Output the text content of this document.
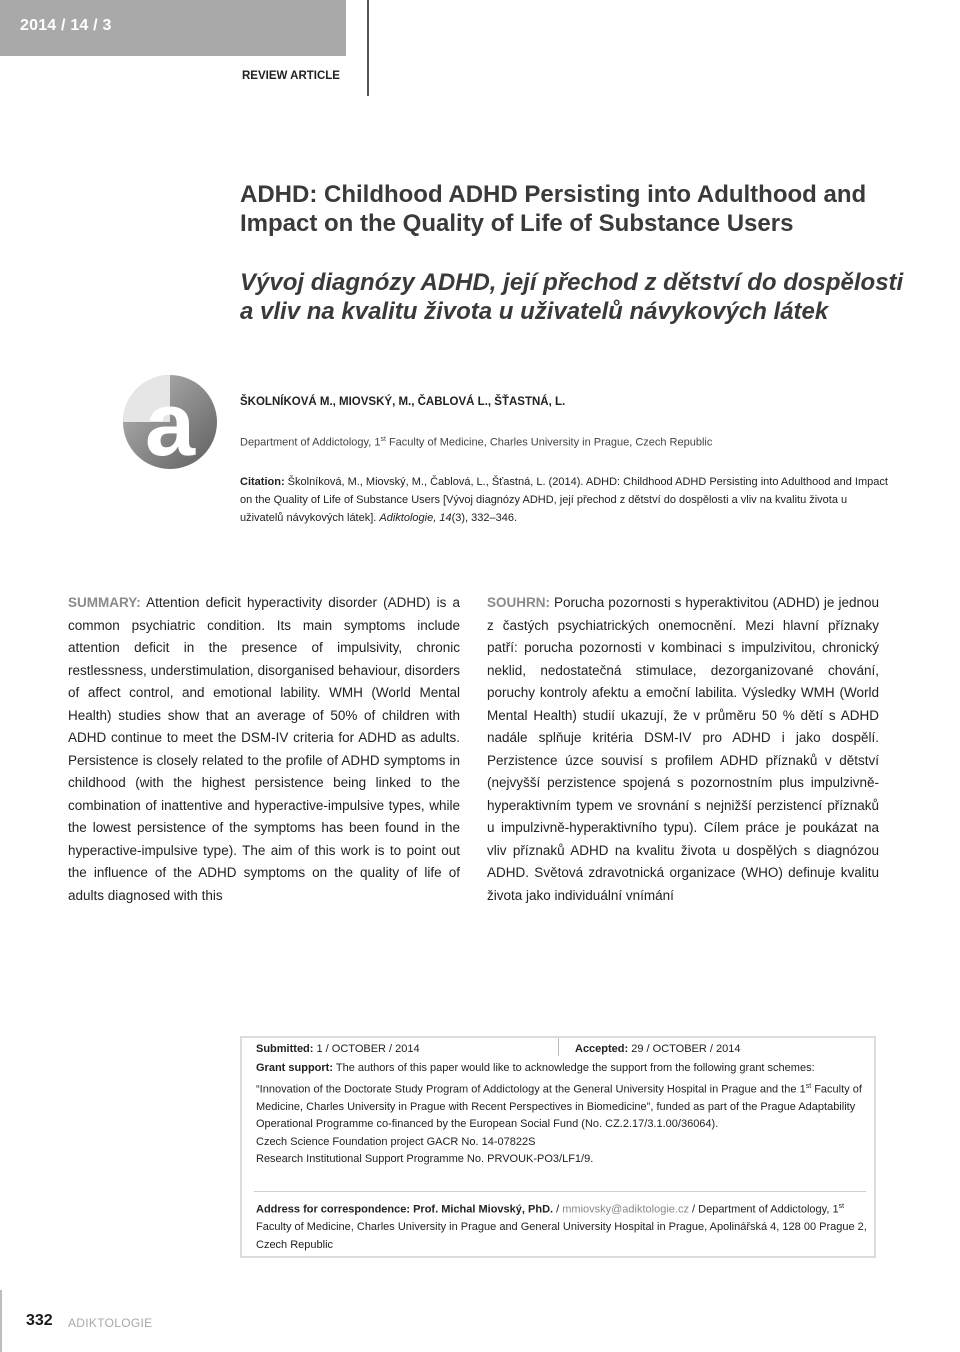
2014 / 14 / 3
REVIEW ARTICLE
ADHD: Childhood ADHD Persisting into Adulthood and Impact on the Quality of Life of Substance Users
Vývoj diagnózy ADHD, její přechod z dětství do dospělosti a vliv na kvalitu života u uživatelů návykových látek
a	ŠKOLNÍKOVÁ M., MIOVSKÝ, M., ČABLOVÁ L., ŠŤASTNÁ, L.
Department of Addictology, 1st Faculty of Medicine, Charles University in Prague, Czech Republic

Citation: Školníková, M., Miovský, M., Čablová, L., Šťastná, L. (2014). ADHD: Childhood ADHD Persisting into Adulthood and Impact on the Quality of Life of Substance Users [Vývoj diagnózy ADHD, její přechod z dětství do dospělosti a vliv na kvalitu života u uživatelů návykových látek]. Adiktologie, 14(3), 332–346.

SUMMARY: Attention deficit hyperactivity disorder (ADHD) is a common psychiatric condition. Its main symptoms include attention deficit in the presence of impulsivity, chronic restlessness, understimulation, disorganised behaviour, disorders of affect control, and emotional lability. WMH (World Mental Health) studies show that an average of 50% of children with ADHD continue to meet the DSM-IV criteria for ADHD as adults. Persistence is closely related to the profile of ADHD symptoms in childhood (with the highest persistence being linked to the combination of inattentive and hyperactive-impulsive types, while the lowest persistence of the symptoms has been found in the hyperactive-impulsive type). The aim of this work is to point out the influence of the ADHD symptoms on the quality of life of adults diagnosed with this

SOUHRN: Porucha pozornosti s hyperaktivitou (ADHD) je jednou z častých psychiatrických onemocnění. Mezi hlavní příznaky patří: porucha pozornosti v kombinaci s impulzivitou, chronický neklid, nedostatečná stimulace, dezorganizované chování, poruchy kontroly afektu a emoční labilita. Výsledky WMH (World Mental Health) studií ukazují, že v průměru 50 % dětí s ADHD nadále splňuje kritéria DSM-IV pro ADHD i jako dospělí. Perzistence úzce souvisí s profilem ADHD příznaků v dětství (nejvyšší perzistence spojená s pozornostním plus impulzivně-hyperaktivním typem ve srovnání s nejnižší perzistencí příznaků u impulzivně-hyperaktivního typu). Cílem práce je poukázat na vliv příznaků ADHD na kvalitu života u dospělých s diagnózou ADHD. Světová zdravotnická organizace (WHO) definuje kvalitu života jako individuální vnímání

Submitted: 1 / OCTOBER / 2014	Accepted: 29 / OCTOBER / 2014

Grant support: The authors of this paper would like to acknowledge the support from the following grant schemes: “Innovation of the Doctorate Study Program of Addictology at the General University Hospital in Prague and the 1st Faculty of Medicine, Charles University in Prague with Recent Perspectives in Biomedicine”, funded as part of the Prague Adaptability Operational Programme co-financed by the European Social Fund (No. CZ.2.17/3.1.00/36064).

Czech Science Foundation project GACR No. 14-07822S

Research Institutional Support Programme No. PRVOUK-PO3/LF1/9.

Address for correspondence: Prof. Michal Miovský, PhD. / mmiovsky@adiktologie.cz / Department of Addictology, 1st Faculty of Medicine, Charles University in Prague and General University Hospital in Prague, Apolinářská 4, 128 00 Prague 2, Czech Republic

332 ADIKTOLOGIE
